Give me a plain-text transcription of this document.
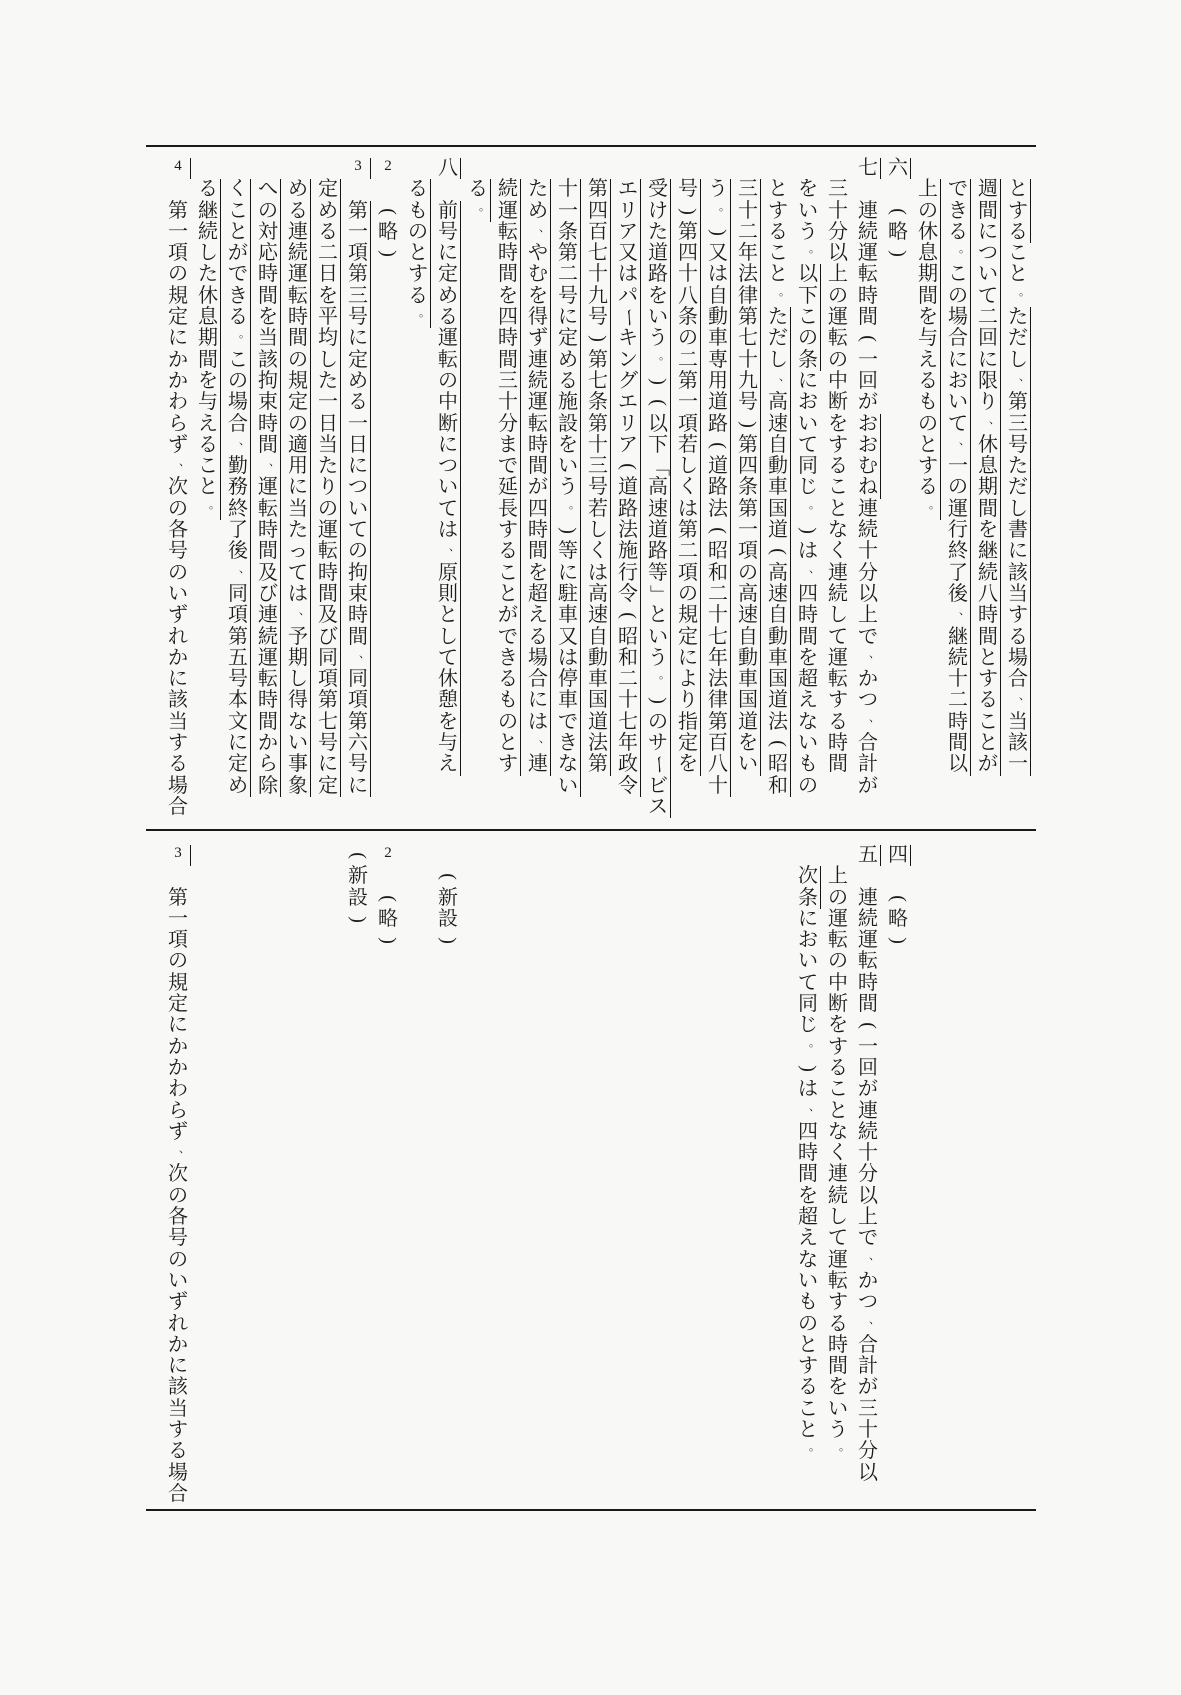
と
す
る
こ
と
。
た
だ
し
、
第
三
号
た
だ
し
書
に
該
当
す
る
場
合
、
当
該
一
週
間
に
つ
い
て
二
回
に
限
り
、
休
息
期
間
を
継
続
八
時
間
と
す
る
こ
と
が
で
き
る
。
こ
の
場
合
に
お
い
て
、
一
の
運
行
終
了
後
、
継
続
十
二
時
間
以
上
の
休
息
期
間
を
与
え
る
も
の
と
す
る
。
六
(
略
)
七
連
続
運
転
時
間
(
一
回
が
お
お
む
ね
連
続
十
分
以
上
で
、
か
つ
、
合
計
が
三
十
分
以
上
の
運
転
の
中
断
を
す
る
こ
と
な
く
連
続
し
て
運
転
す
る
時
間
を
い
う
。
以
下
こ
の
条
に
お
い
て
同
じ
。
)
は
、
四
時
間
を
超
え
な
い
も
の
と
す
る
こ
と
。
た
だ
し
、
高
速
自
動
車
国
道
(
高
速
自
動
車
国
道
法
(
昭
和
三
十
二
年
法
律
第
七
十
九
号
)
第
四
条
第
一
項
の
高
速
自
動
車
国
道
を
い
う
。
)
又
は
自
動
車
専
用
道
路
(
道
路
法
(
昭
和
二
十
七
年
法
律
第
百
八
十
号
)
第
四
十
八
条
の
二
第
一
項
若
し
く
は
第
二
項
の
規
定
に
よ
り
指
定
を
受
け
た
道
路
を
い
う
。
)
(
以
下
「
高
速
道
路
等
」
と
い
う
。
)
の
サ
ー
ビ
ス
エ
リ
ア
又
は
パ
ー
キ
ン
グ
エ
リ
ア
(
道
路
法
施
行
令
(
昭
和
二
十
七
年
政
令
第
四
百
七
十
九
号
)
第
七
条
第
十
三
号
若
し
く
は
高
速
自
動
車
国
道
法
第
十
一
条
第
二
号
に
定
め
る
施
設
を
い
う
。
)
等
に
駐
車
又
は
停
車
で
き
な
い
た
め
、
や
む
を
得
ず
連
続
運
転
時
間
が
四
時
間
を
超
え
る
場
合
に
は
、
連
続
運
転
時
間
を
四
時
間
三
十
分
ま
で
延
長
す
る
こ
と
が
で
き
る
も
の
と
す
る
。
八
前
号
に
定
め
る
運
転
の
中
断
に
つ
い
て
は
、
原
則
と
し
て
休
憩
を
与
え
る
も
の
と
す
る
。
2
(
略
)
3
第
一
項
第
三
号
に
定
め
る
一
日
に
つ
い
て
の
拘
束
時
間
、
同
項
第
六
号
に
定
め
る
二
日
を
平
均
し
た
一
日
当
た
り
の
運
転
時
間
及
び
同
項
第
七
号
に
定
め
る
連
続
運
転
時
間
の
規
定
の
適
用
に
当
た
っ
て
は
、
予
期
し
得
な
い
事
象
へ
の
対
応
時
間
を
当
該
拘
束
時
間
、
運
転
時
間
及
び
連
続
運
転
時
間
か
ら
除
く
こ
と
が
で
き
る
。
こ
の
場
合
、
勤
務
終
了
後
、
同
項
第
五
号
本
文
に
定
め
る
継
続
し
た
休
息
期
間
を
与
え
る
こ
と
。
4
第
一
項
の
規
定
に
か
か
わ
ら
ず
、
次
の
各
号
の
い
ず
れ
か
に
該
当
す
る
場
合
四
(
略
)
五
連
続
運
転
時
間
(
一
回
が
連
続
十
分
以
上
で
、
か
つ
、
合
計
が
三
十
分
以
上
の
運
転
の
中
断
を
す
る
こ
と
な
く
連
続
し
て
運
転
す
る
時
間
を
い
う
。
次
条
に
お
い
て
同
じ
。
)
は
、
四
時
間
を
超
え
な
い
も
の
と
す
る
こ
と
。
(
新
設
)
2
(
略
)
(
新
設
)
3
第
一
項
の
規
定
に
か
か
わ
ら
ず
、
次
の
各
号
の
い
ず
れ
か
に
該
当
す
る
場
合
